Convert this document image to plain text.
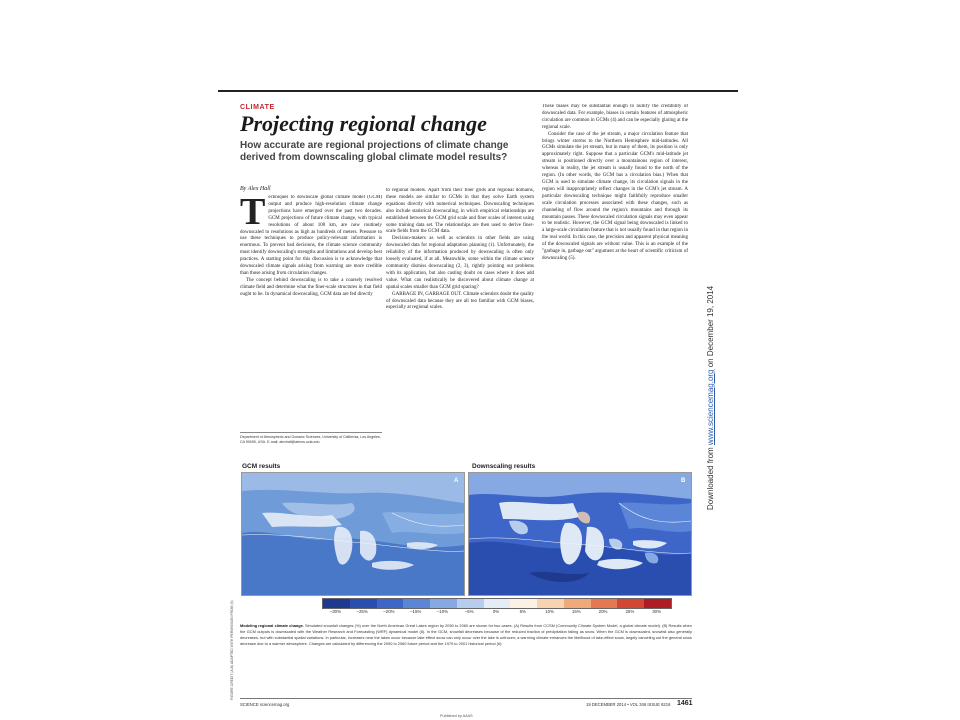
CLIMATE
Projecting regional change
How accurate are regional projections of climate change derived from downscaling global climate model results?
By Alex Hall

Techniques to downscale global climate model (GCM) output and produce high-resolution climate change projections have emerged over the past two decades. GCM projections of future climate change, with typical resolutions of about 100 km, are now routinely downscaled to resolutions as high as hundreds of meters. Pressure to use these techniques to produce policy-relevant information is enormous. To prevent bad decisions, the climate science community must identify downscaling's strengths and limitations and develop best practices. A starting point for this discussion is to acknowledge that downscaled climate signals arising from warming are more credible than those arising from circulation changes.

The concept behind downscaling is to take a coarsely resolved climate field and determine what the finer-scale structures in that field ought to be. In dynamical downscaling, GCM data are fed directly

Department of Atmospheric and Oceanic Sciences, University of California, Los Angeles, CA 90095, USA. E-mail: alexhall@atmos.ucla.edu

to regional models. Apart from their finer grids and regional domains, these models are similar to GCMs in that they solve Earth system equations directly with numerical techniques. Downscaling techniques also include statistical downscaling, in which empirical relationships are established between the GCM grid scale and finer scales of interest using some training data set. The relationships are then used to derive finer-scale fields from the GCM data.

Decision-makers as well as scientists in other fields are using downscaled data for regional adaptation planning (1). Unfortunately, the reliability of the information produced by downscaling is often only loosely evaluated, if at all. Meanwhile, some within the climate science community dismiss downscaling (2, 3), rightly pointing out problems with its application, but also casting doubt on cases where it does add value. What can realistically be discovered about climate change at spatial scales smaller than GCM grid spacing?

GARBAGE IN, GARBAGE OUT. Climate scientists doubt the quality of downscaled data because they are all too familiar with GCM biases, especially at regional scales.

These biases may be substantial enough to nullify the credibility of downscaled data. For example, biases in certain features of atmospheric circulation are common in GCMs (4) and can be especially glaring at the regional scale.

Consider the case of the jet stream, a major circulation feature that brings winter storms to the Northern Hemisphere mid-latitudes. All GCMs simulate the jet stream, but in many of them, its position is only approximately right. Suppose that a particular GCM's mid-latitude jet stream is positioned directly over a mountainous region of interest, whereas in reality, the jet stream is usually found to the north of the region. (In other words, the GCM has a circulation bias.) When that GCM is used to simulate climate change, its circulation signals in the region will inappropriately reflect changes in the GCM's jet stream. A particular downscaling technique might faithfully reproduce smaller scale circulation processes associated with these changes, such as channeling of flow around the region's mountains and through its mountain passes. These downscaled circulation signals may even appear to be realistic. However, the GCM signal being downscaled is linked to a large-scale circulation feature that is not usually found in that region in the real world. In this case, the precision and apparent physical meaning of the downscaled signals are without value. This is an example of the "garbage in, garbage out" argument at the heart of scientific criticism of downscaling (5).

Downloaded from www.sciencemag.org on December 19, 2014
FIGURE CREDIT (A,B) ADAPTED WITH PERMISSION FROM (6)
GCM results	Downscaling results
A	B
–30%	–25%	–20%	–15%	–10%	–5%	0%	5%	10%	15%	20%	25%	30%
Modeling regional climate change. Simulated snowfall changes (%) over the North American Great Lakes region by 2050 to 2060 are shown for two cases. (A) Results from CCSM (Community Climate System Model, a global climate model). (B) Results when the GCM outputs is downscaled with the Weather Research and Forecasting (WRF) dynamical model (6). In the GCM, snowfall decreases because of the reduced fraction of precipitation falling as snow. When the GCM is downscaled, snowfall also generally decreases, but with substantial spatial variations. In particular, increases near the lakes occur because lake effect snow can only occur over the lake is unfrozen; a warming climate enhances the likelihood of lake-effect snow, largely canceling out the general snow decrease due to a warmer atmosphere. Changes are calculated by differencing the 2050 to 2060 future period and the 1979 to 2001 historical period (6).
SCIENCE sciencemag.org	19 DECEMBER 2014 • VOL 346 ISSUE 6216 1461
Published by AAAS
